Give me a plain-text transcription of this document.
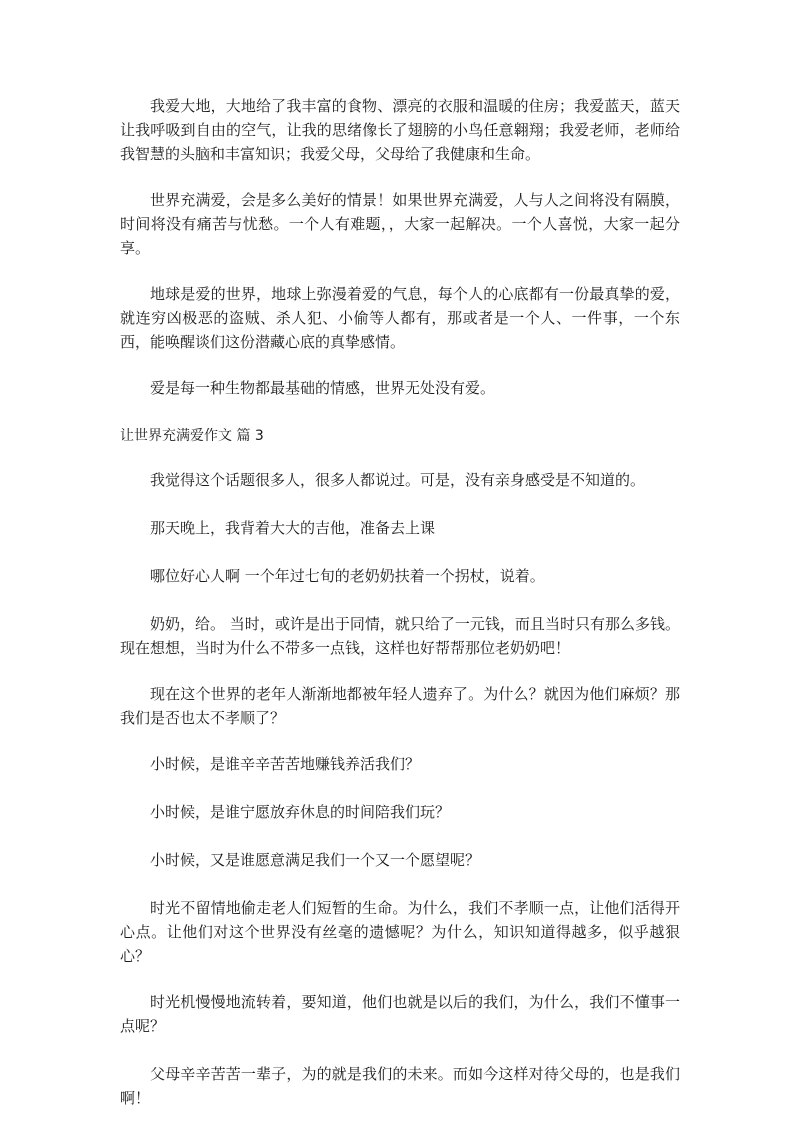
我爱大地，大地给了我丰富的食物、漂亮的衣服和温暖的住房；我爱蓝天，蓝天让我呼吸到自由的空气，让我的思绪像长了翅膀的小鸟任意翱翔；我爱老师，老师给我智慧的头脑和丰富知识；我爱父母，父母给了我健康和生命。

世界充满爱，会是多么美好的情景！如果世界充满爱，人与人之间将没有隔膜，时间将没有痛苦与忧愁。一个人有难题，，大家一起解决。一个人喜悦，大家一起分享。

地球是爱的世界，地球上弥漫着爱的气息，每个人的心底都有一份最真挚的爱，就连穷凶极恶的盗贼、杀人犯、小偷等人都有，那或者是一个人、一件事，一个东西，能唤醒谈们这份潜藏心底的真挚感情。

爱是每一种生物都最基础的情感，世界无处没有爱。

让世界充满爱作文 篇 3

我觉得这个话题很多人，很多人都说过。可是，没有亲身感受是不知道的。

那天晚上，我背着大大的吉他，准备去上课

哪位好心人啊 一个年过七旬的老奶奶扶着一个拐杖，说着。

奶奶，给。 当时，或许是出于同情，就只给了一元钱，而且当时只有那么多钱。现在想想，当时为什么不带多一点钱，这样也好帮帮那位老奶奶吧！

现在这个世界的老年人渐渐地都被年轻人遗弃了。为什么？就因为他们麻烦？那我们是否也太不孝顺了？

小时候，是谁辛辛苦苦地赚钱养活我们？

小时候，是谁宁愿放弃休息的时间陪我们玩？

小时候，又是谁愿意满足我们一个又一个愿望呢？

时光不留情地偷走老人们短暂的生命。为什么，我们不孝顺一点，让他们活得开心点。让他们对这个世界没有丝毫的遗憾呢？为什么，知识知道得越多，似乎越狠心？

时光机慢慢地流转着，要知道，他们也就是以后的我们，为什么，我们不懂事一点呢？

父母辛辛苦苦一辈子，为的就是我们的未来。而如今这样对待父母的，也是我们啊！
